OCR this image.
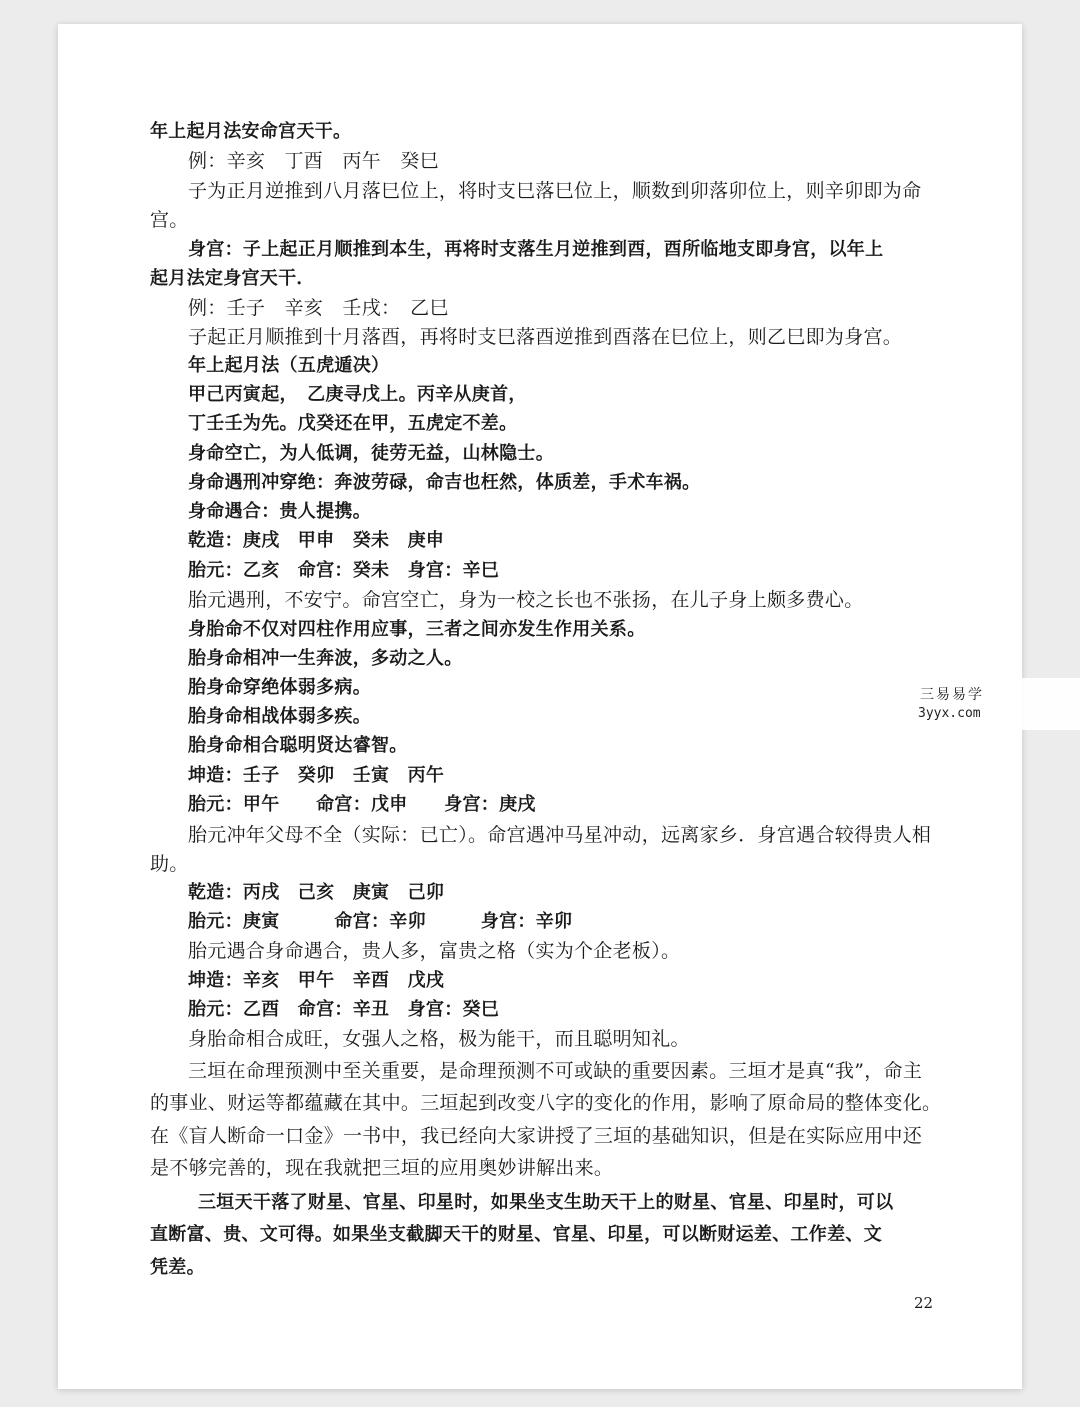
年上起月法安命宫天干。
例：辛亥　丁酉　丙午　癸巳
子为正月逆推到八月落巳位上，将时支巳落巳位上，顺数到卯落卯位上，则辛卯即为命
宫。
身宫：子上起正月顺推到本生，再将时支落生月逆推到酉，酉所临地支即身宫，以年上
起月法定身宫天干．
例：壬子　辛亥　壬戌：　乙巳
子起正月顺推到十月落酉，再将时支巳落酉逆推到酉落在巳位上，则乙巳即为身宫。
年上起月法（五虎遁决）
甲己丙寅起，　乙庚寻戊上。丙辛从庚首，
丁壬壬为先。戊癸还在甲，五虎定不差。
身命空亡，为人低调，徒劳无益，山林隐士。
身命遇刑冲穿绝：奔波劳碌，命吉也枉然，体质差，手术车祸。
身命遇合：贵人提携。
乾造：庚戌　甲申　癸未　庚申
胎元：乙亥　命宫：癸未　身宫：辛巳
胎元遇刑，不安宁。命宫空亡，身为一校之长也不张扬，在儿子身上颇多费心。
身胎命不仅对四柱作用应事，三者之间亦发生作用关系。
胎身命相冲一生奔波，多动之人。
胎身命穿绝体弱多病。
胎身命相战体弱多疾。
胎身命相合聪明贤达睿智。
坤造：壬子　癸卯　壬寅　丙午
胎元：甲午　　命宫：戊申　　身宫：庚戌
胎元冲年父母不全（实际：已亡）。命宫遇冲马星冲动，远离家乡．身宫遇合较得贵人相
助。
乾造：丙戌　己亥　庚寅　己卯
胎元：庚寅　　　命宫：辛卯　　　身宫：辛卯
胎元遇合身命遇合，贵人多，富贵之格（实为个企老板）。
坤造：辛亥　甲午　辛酉　戊戌
胎元：乙酉　命宫：辛丑　身宫：癸巳
身胎命相合成旺，女强人之格，极为能干，而且聪明知礼。
三垣在命理预测中至关重要，是命理预测不可或缺的重要因素。三垣才是真“我”，命主
的事业、财运等都蕴藏在其中。三垣起到改变八字的变化的作用，影响了原命局的整体变化。
在《盲人断命一口金》一书中，我已经向大家讲授了三垣的基础知识，但是在实际应用中还
是不够完善的，现在我就把三垣的应用奥妙讲解出来。
三垣天干落了财星、官星、印星时，如果坐支生助天干上的财星、官星、印星时，可以
直断富、贵、文可得。如果坐支截脚天干的财星、官星、印星，可以断财运差、工作差、文
凭差。
22
三易易学
3yyx.com
